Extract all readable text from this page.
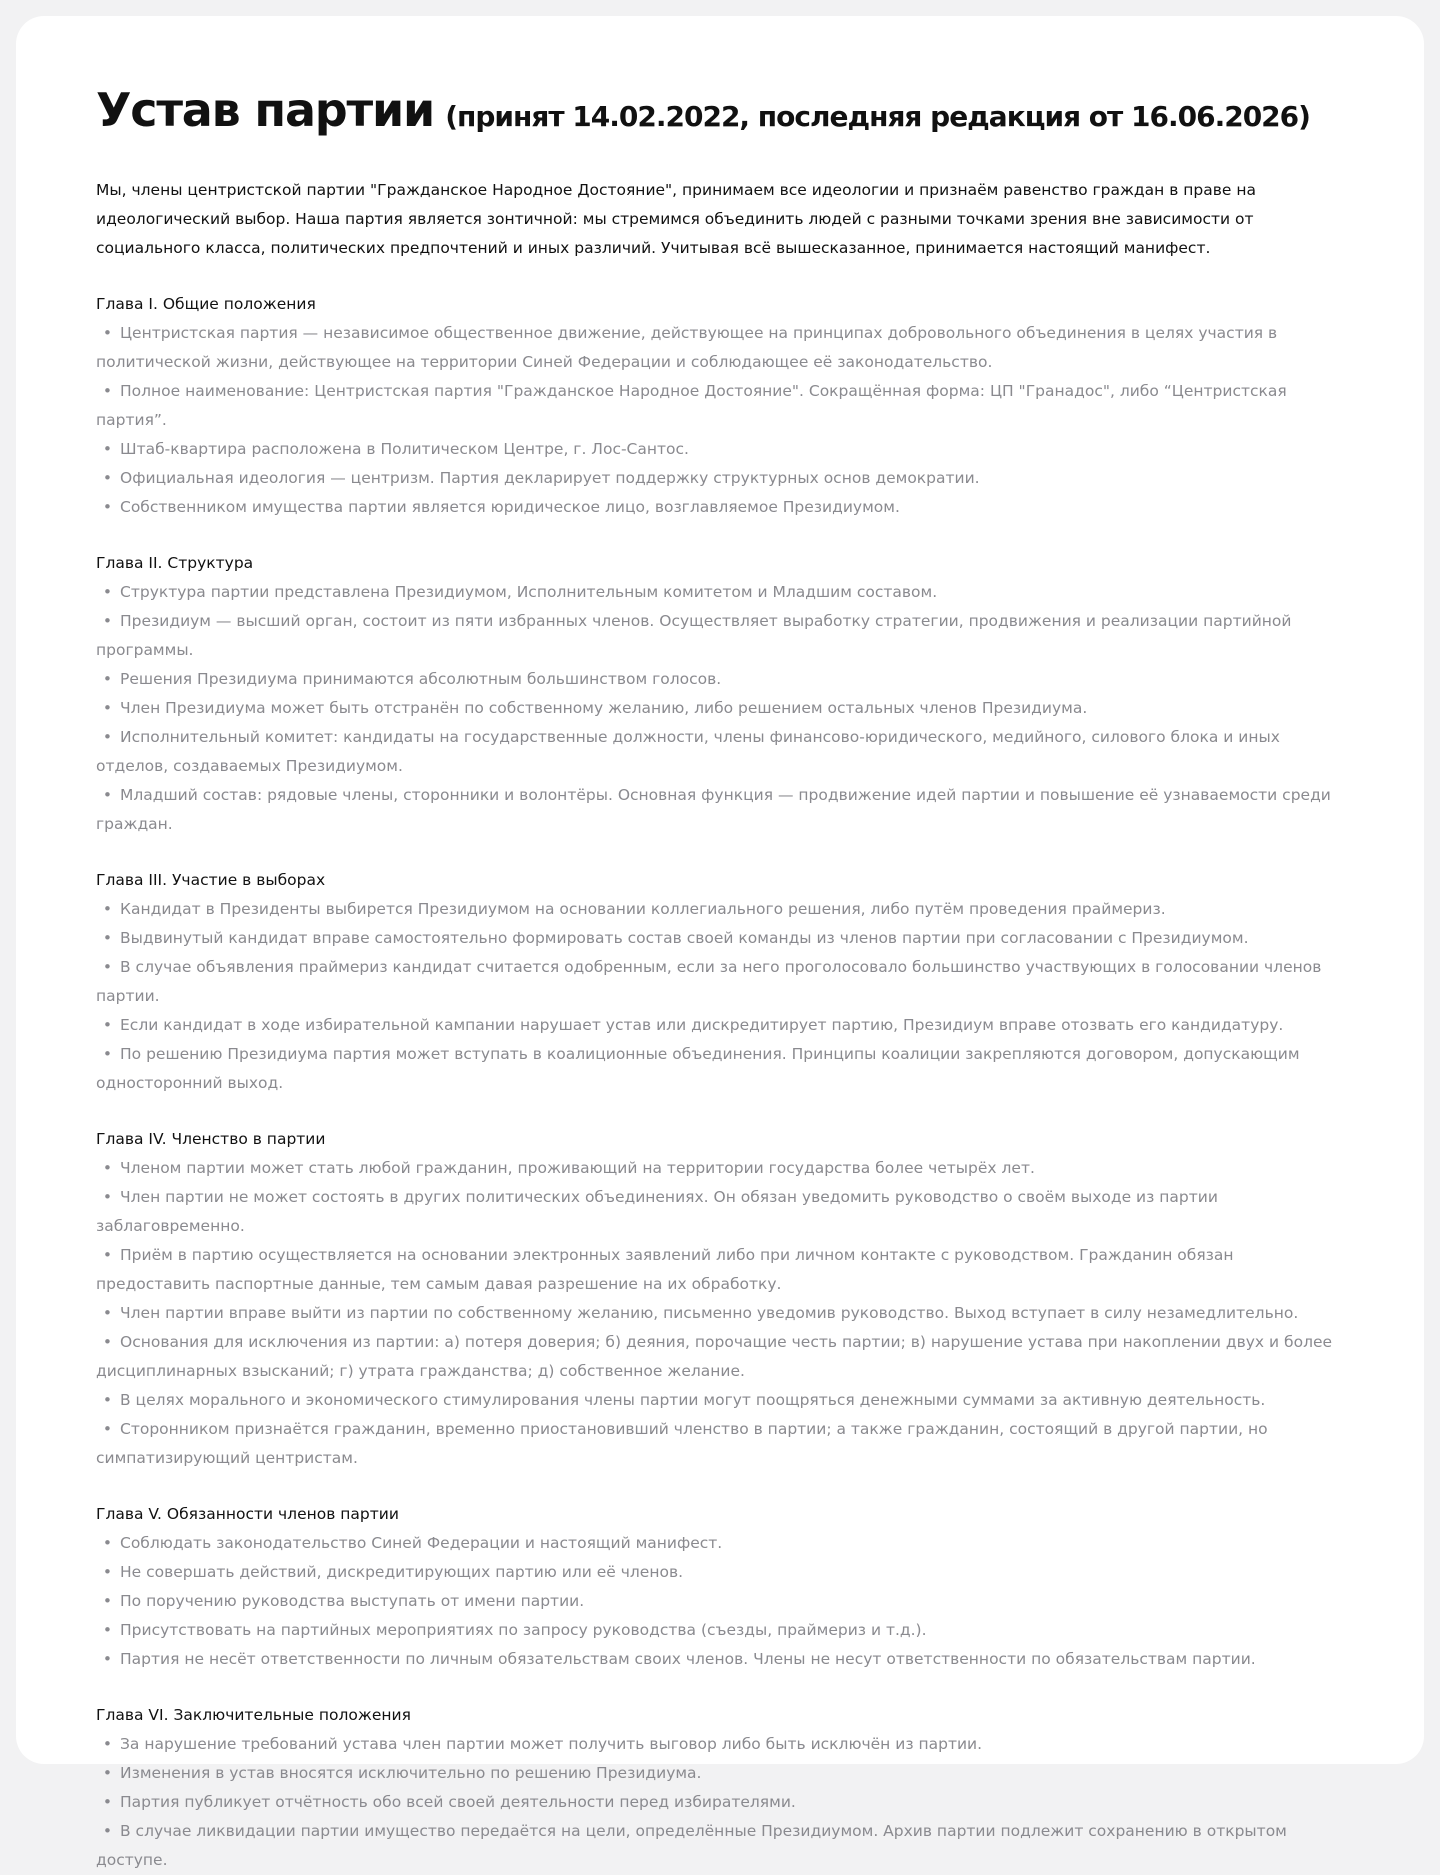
Устав партии (принят 14.02.2022, последняя редакция от 16.06.2026)

Мы, члены центристской партии "Гражданское Народное Достояние", принимаем все идеологии и признаём равенство граждан в праве на идеологический выбор. Наша партия является зонтичной: мы стремимся объединить людей с разными точками зрения вне зависимости от социального класса, политических предпочтений и иных различий. Учитывая всё вышесказанное, принимается настоящий манифест.

Глава I. Общие положения
•Центристская партия — независимое общественное движение, действующее на принципах добровольного объединения в целях участия в политической жизни, действующее на территории Синей Федерации и соблюдающее её законодательство.
•Полное наименование: Центристская партия "Гражданское Народное Достояние". Сокращённая форма: ЦП "Гранадос", либо “Центристская партия”.
•Штаб-квартира расположена в Политическом Центре, г. Лос-Сантос.
•Официальная идеология — центризм. Партия декларирует поддержку структурных основ демократии.
•Собственником имущества партии является юридическое лицо, возглавляемое Президиумом.
Глава II. Структура
•Структура партии представлена Президиумом, Исполнительным комитетом и Младшим составом.
•Президиум — высший орган, состоит из пяти избранных членов. Осуществляет выработку стратегии, продвижения и реализации партийной программы.
•Решения Президиума принимаются абсолютным большинством голосов.
•Член Президиума может быть отстранён по собственному желанию, либо решением остальных членов Президиума.
•Исполнительный комитет: кандидаты на государственные должности, члены финансово-юридического, медийного, силового блока и иных отделов, создаваемых Президиумом.
•Младший состав: рядовые члены, сторонники и волонтёры. Основная функция — продвижение идей партии и повышение её узнаваемости среди граждан.
Глава III. Участие в выборах
•Кандидат в Президенты выбирется Президиумом на основании коллегиального решения, либо путём проведения праймериз.
•Выдвинутый кандидат вправе самостоятельно формировать состав своей команды из членов партии при согласовании с Президиумом.
•В случае объявления праймериз кандидат считается одобренным, если за него проголосовало большинство участвующих в голосовании членов партии.
•Если кандидат в ходе избирательной кампании нарушает устав или дискредитирует партию, Президиум вправе отозвать его кандидатуру.
•По решению Президиума партия может вступать в коалиционные объединения. Принципы коалиции закрепляются договором, допускающим односторонний выход.
Глава IV. Членство в партии
•Членом партии может стать любой гражданин, проживающий на территории государства более четырёх лет.
•Член партии не может состоять в других политических объединениях. Он обязан уведомить руководство о своём выходе из партии заблаговременно.
•Приём в партию осуществляется на основании электронных заявлений либо при личном контакте с руководством. Гражданин обязан предоставить паспортные данные, тем самым давая разрешение на их обработку.
•Член партии вправе выйти из партии по собственному желанию, письменно уведомив руководство. Выход вступает в силу незамедлительно.
•Основания для исключения из партии: а) потеря доверия; б) деяния, порочащие честь партии; в) нарушение устава при накоплении двух и более дисциплинарных взысканий; г) утрата гражданства; д) собственное желание.
•В целях морального и экономического стимулирования члены партии могут поощряться денежными суммами за активную деятельность.
•Сторонником признаётся гражданин, временно приостановивший членство в партии; а также гражданин, состоящий в другой партии, но симпатизирующий центристам.
Глава V. Обязанности членов партии
•Соблюдать законодательство Синей Федерации и настоящий манифест.
•Не совершать действий, дискредитирующих партию или её членов.
•По поручению руководства выступать от имени партии.
•Присутствовать на партийных мероприятиях по запросу руководства (съезды, праймериз и т.д.).
•Партия не несёт ответственности по личным обязательствам своих членов. Члены не несут ответственности по обязательствам партии.
Глава VI. Заключительные положения
•За нарушение требований устава член партии может получить выговор либо быть исключён из партии.
•Изменения в устав вносятся исключительно по решению Президиума.
•Партия публикует отчётность обо всей своей деятельности перед избирателями.
•В случае ликвидации партии имущество передаётся на цели, определённые Президиумом. Архив партии подлежит сохранению в открытом доступе.
